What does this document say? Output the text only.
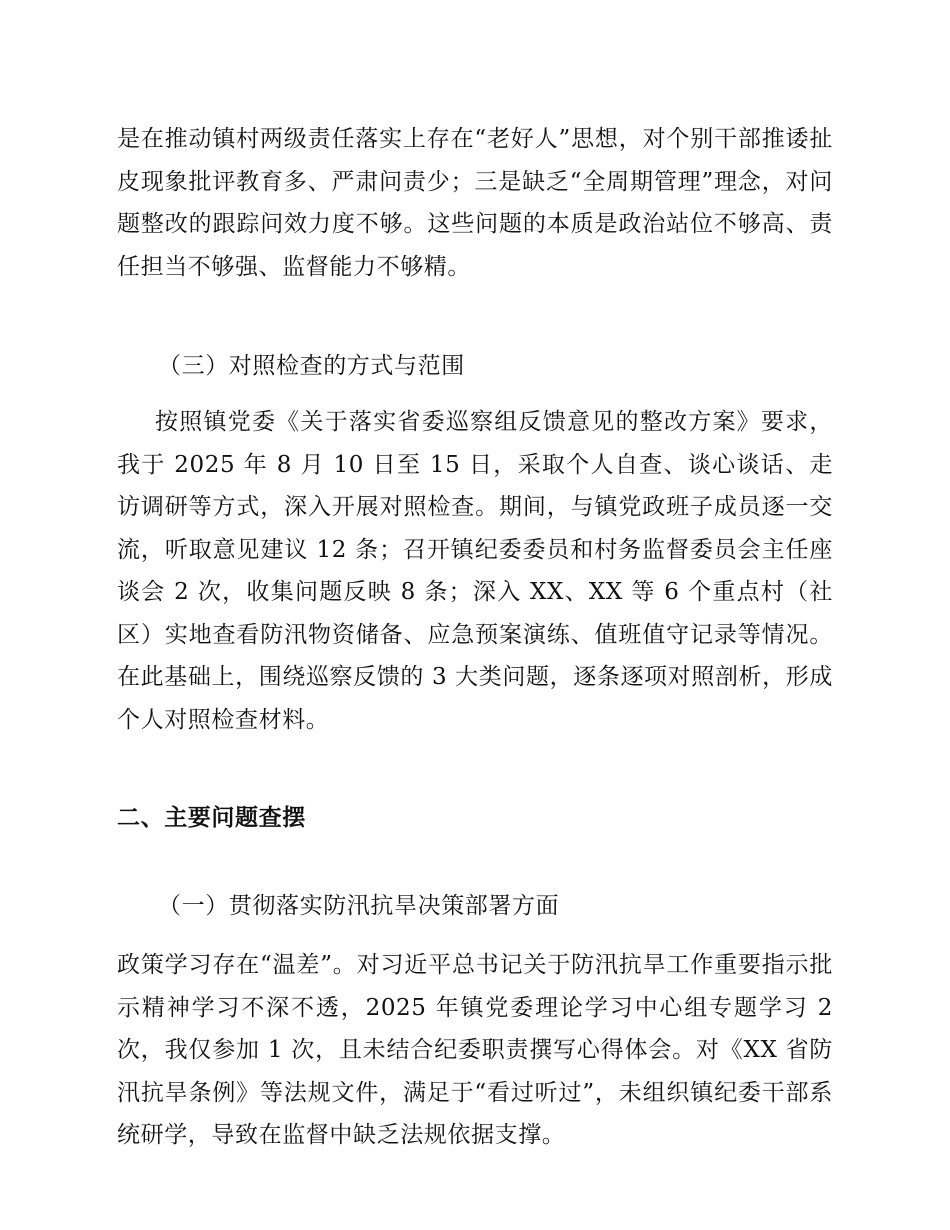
是在推动镇村两级责任落实上存在“老好人”思想，对个别干部推诿扯皮现象批评教育多、严肃问责少；三是缺乏“全周期管理”理念，对问题整改的跟踪问效力度不够。这些问题的本质是政治站位不够高、责任担当不够强、监督能力不够精。

（三）对照检查的方式与范围

按照镇党委《关于落实省委巡察组反馈意见的整改方案》要求，我于 2025 年 8 月 10 日至 15 日，采取个人自查、谈心谈话、走访调研等方式，深入开展对照检查。期间，与镇党政班子成员逐一交流，听取意见建议 12 条；召开镇纪委委员和村务监督委员会主任座谈会 2 次，收集问题反映 8 条；深入 XX、XX 等 6 个重点村（社区）实地查看防汛物资储备、应急预案演练、值班值守记录等情况。在此基础上，围绕巡察反馈的 3 大类问题，逐条逐项对照剖析，形成个人对照检查材料。

二、主要问题查摆

（一）贯彻落实防汛抗旱决策部署方面

政策学习存在“温差”。对习近平总书记关于防汛抗旱工作重要指示批示精神学习不深不透，2025 年镇党委理论学习中心组专题学习 2 次，我仅参加 1 次，且未结合纪委职责撰写心得体会。对《XX 省防汛抗旱条例》等法规文件，满足于“看过听过”，未组织镇纪委干部系统研学，导致在监督中缺乏法规依据支撑。
